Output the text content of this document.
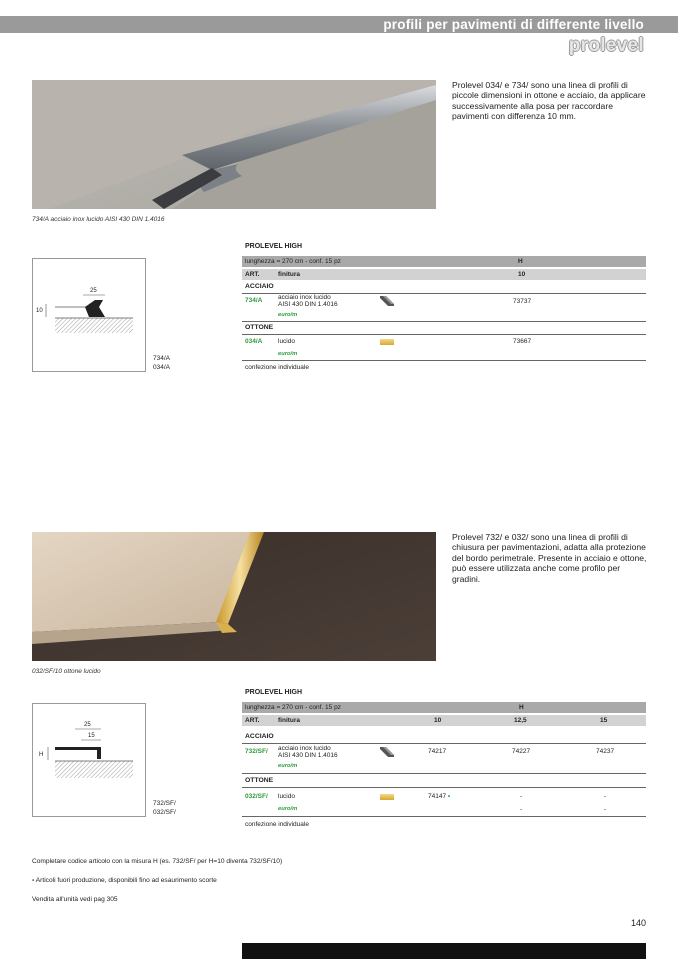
profili per pavimenti di differente livello
prolevel
734/A acciaio inox lucido AISI 430 DIN 1.4016
Prolevel 034/ e 734/ sono una linea di profili di piccole dimensioni in ottone e acciaio, da applicare successivamente alla posa per raccordare pavimenti con differenza 10 mm.
25
10
734/A
034/A
PROLEVEL HIGH
lunghezza = 270 cm - conf. 15 pz	H
ART.	finitura	10
ACCIAIO
734/A acciaio inox lucido
AISI 430 DIN 1.4016	73737
euro/m
OTTONE
034/A lucido	73667
euro/m
confezione individuale
032/SF/10 ottone lucido
Prolevel 732/ e 032/ sono una linea di profili di chiusura per pavimentazioni, adatta alla protezione del bordo perimetrale. Presente in acciaio e ottone, può essere utilizzata anche come profilo per gradini.
25
15
H
732/SF/
032/SF/
PROLEVEL HIGH
lunghezza = 270 cm - conf. 15 pz	H
ART.	finitura	10	12,5	15
ACCIAIO
732/SF/ acciaio inox lucido
AISI 430 DIN 1.4016
74217	74227	74237
euro/m
OTTONE
032/SF/ lucido	74147 •	-	-
euro/m	-	-
confezione individuale
Completare codice articolo con la misura H (es. 732/SF/ per H=10 diventa 732/SF/10)
• Articoli fuori produzione, disponibili fino ad esaurimento scorte
Vendita all'unità vedi pag 305
140
